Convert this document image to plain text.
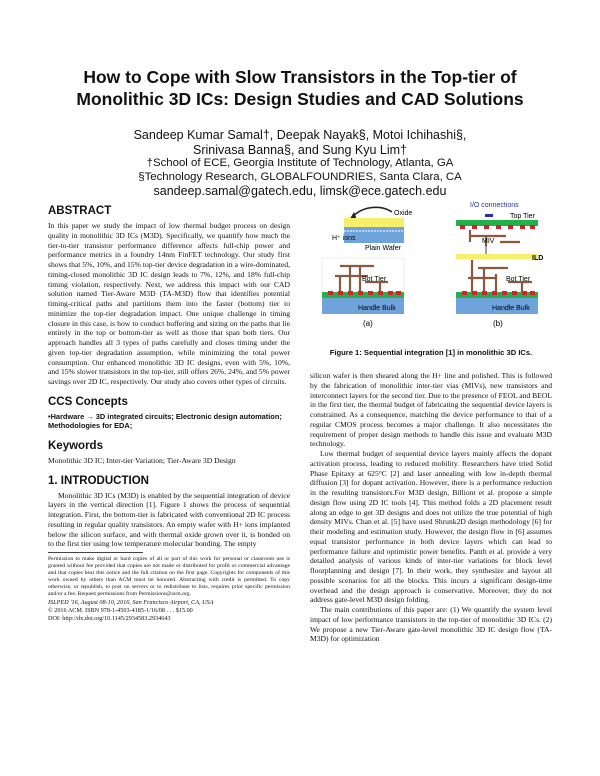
How to Cope with Slow Transistors in the Top-tier of
Monolithic 3D ICs: Design Studies and CAD Solutions
Sandeep Kumar Samal†, Deepak Nayak§, Motoi Ichihashi§,
Srinivasa Banna§, and Sung Kyu Lim†
†School of ECE, Georgia Institute of Technology, Atlanta, GA
§Technology Research, GLOBALFOUNDRIES, Santa Clara, CA
sandeep.samal@gatech.edu, limsk@ece.gatech.edu
ABSTRACT

In this paper we study the impact of low thermal budget process on design quality in monolithic 3D ICs (M3D). Specifically, we quantify how much the tier-to-tier transistor performance difference affects full-chip power and performance metrics in a foundry 14nm FinFET technology. Our study first shows that 5%, 10%, and 15% top-tier device degradation in a wire-dominated, timing-closed monolithic 3D IC design leads to 7%, 12%, and 18% full-chip timing violation, respectively. Next, we address this impact with our CAD solution named Tier-Aware M3D (TA-M3D) flow that identifies potential timing-critical paths and partitions them into the faster (bottom) tier to minimize the top-tier degradation impact. One unique challenge in timing closure in this case, is how to conduct buffering and sizing on the paths that lie entirely in the top or bottom-tier as well as those that span both tiers. Our approach handles all 3 types of paths carefully and closes timing under the given top-tier degradation assumption, while minimizing the total power consumption. Our enhanced monolithic 3D IC designs, even with 5%, 10%, and 15% slower transistors in the top-tier, still offers 26%, 24%, and 5% power savings over 2D IC, respectively. Our study also covers other types of circuits.

CCS Concepts

•Hardware → 3D integrated circuits; Electronic design automation; Methodologies for EDA;

Keywords

Monolithic 3D IC; Inter-tier Variation; Tier-Aware 3D Design

1. INTRODUCTION

Monolithic 3D ICs (M3D) is enabled by the sequential integration of device layers in the vertical direction [1]. Figure 1 shows the process of sequential integration. First, the bottom-tier is fabricated with conventional 2D IC process resulting in regular quality transistors. An empty wafer with H+ ions implanted below the silicon surface, and with thermal oxide grown over it, is bonded on to the first tier using low temperature molecular bonding. The empty

Permission to make digital or hard copies of all or part of this work for personal or classroom use is granted without fee provided that copies are not made or distributed for profit or commercial advantage and that copies bear this notice and the full citation on the first page. Copyrights for components of this work owned by others than ACM must be honored. Abstracting with credit is permitted. To copy otherwise, or republish, to post on servers or to redistribute to lists, requires prior specific permission and/or a fee. Request permissions from Permissions@acm.org.

ISLPED '16, August 08-10, 2016, San Francisco Airport, CA, USA

© 2016 ACM. ISBN 978-1-4503-4185-1/16/08 . . . $15.00

DOI: http://dx.doi.org/10.1145/2934583.2934643

Oxide
H⁺ ions
Plain Wafer
Bot Tier
Handle Bulk
(a)
I/O connections
Top Tier
MIV
ILD
Bot Tier
Handle Bulk
(b)

Figure 1: Sequential integration [1] in monolithic 3D ICs.

silicon wafer is then sheared along the H+ line and polished. This is followed by the fabrication of monolithic inter-tier vias (MIVs), new transistors and interconnect layers for the second tier. Due to the presence of FEOL and BEOL in the first tier, the thermal budget of fabricating the sequential device layers is constrained. As a consequence, matching the device performance to that of a regular CMOS process becomes a major challenge. It also necessitates the requirement of proper design methods to handle this issue and evaluate M3D technology.

Low thermal budget of sequential device layers mainly affects the dopant activation process, leading to reduced mobility. Researchers have tried Solid Phase Epitaxy at 625°C [2] and laser annealing with low in-depth thermal diffusion [3] for dopant activation. However, there is a performance reduction in the resulting transistors.For M3D design, Billiont et al. propose a simple design flow using 2D IC tools [4]. This method folds a 2D placement result along an edge to get 3D designs and does not utilize the true potential of high density MIVs. Chan et al. [5] have used Shrunk2D design methodology [6] for their modeling and estimation study. However, the design flow in [6] assumes equal transistor performance in both device layers which can lead to performance failure and optimistic power benefits. Panth et al. provide a very detailed analysis of various kinds of inter-tier variations for block level floorplanning and design [7]. In their work, they synthesize and layout all possible scenarios for all the blocks. This incurs a significant design-time overhead and the design approach is conservative. Moreover, they do not address gate-level M3D design folding.

The main contributions of this paper are: (1) We quantify the system level impact of low performance transistors in the top-tier of monolithic 3D ICs. (2) We propose a new Tier-Aware gate-level monolithic 3D IC design flow (TA-M3D) for optimization
